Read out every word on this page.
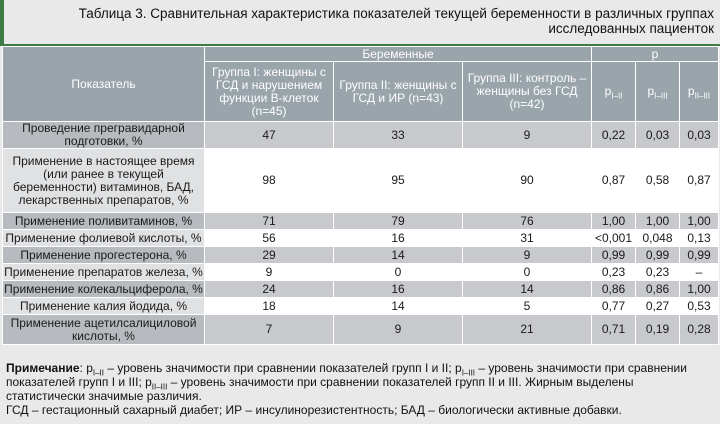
Таблица 3. Сравнительная характеристика показателей текущей беременности в различных группах
исследованных пациенток
Показатель	Беременные			p		
	Группа I: женщины с ГСД и нарушением функции В-клеток (n=45)	Группа II: женщины с ГСД и ИР (n=43)	Группа III: контроль – женщины без ГСД (n=42)	$p_{I-II}$	$p_{I-III}$	$p_{II-III}$
Проведение прегравидарной подготовки, %	47	33	9	0,22	0,03	0,03
Применение в настоящее время (или ранее в текущей беременности) витаминов, БАД, лекарственных препаратов, %	98	95	90	0,87	0,58	0,87
Применение поливитаминов, %	71	79	76	1,00	1,00	1,00
Применение фолиевой кислоты, %	56	16	31	<0,001	0,048	0,13
Применение прогестерона, %	29	14	9	0,99	0,99	0,99
Применение препаратов железа, %	9	0	0	0,23	0,23	–
Применение колекальциферола, %	24	16	14	0,86	0,86	1,00
Применение калия йодида, %	18	14	5	0,77	0,27	0,53
Применение ацетилсалициловой кислоты, %	7	9	21	0,71	0,19	0,28
Примечание: $p_{I-II}$ – уровень значимости при сравнении показателей групп I и II; $p_{I-III}$ – уровень значимости при сравнении показателей групп I и III; $p_{II-III}$ – уровень значимости при сравнении показателей групп II и III. Жирным выделены статистически значимые различия.
ГСД – гестационный сахарный диабет; ИР – инсулинорезистентность; БАД – биологически активные добавки.
